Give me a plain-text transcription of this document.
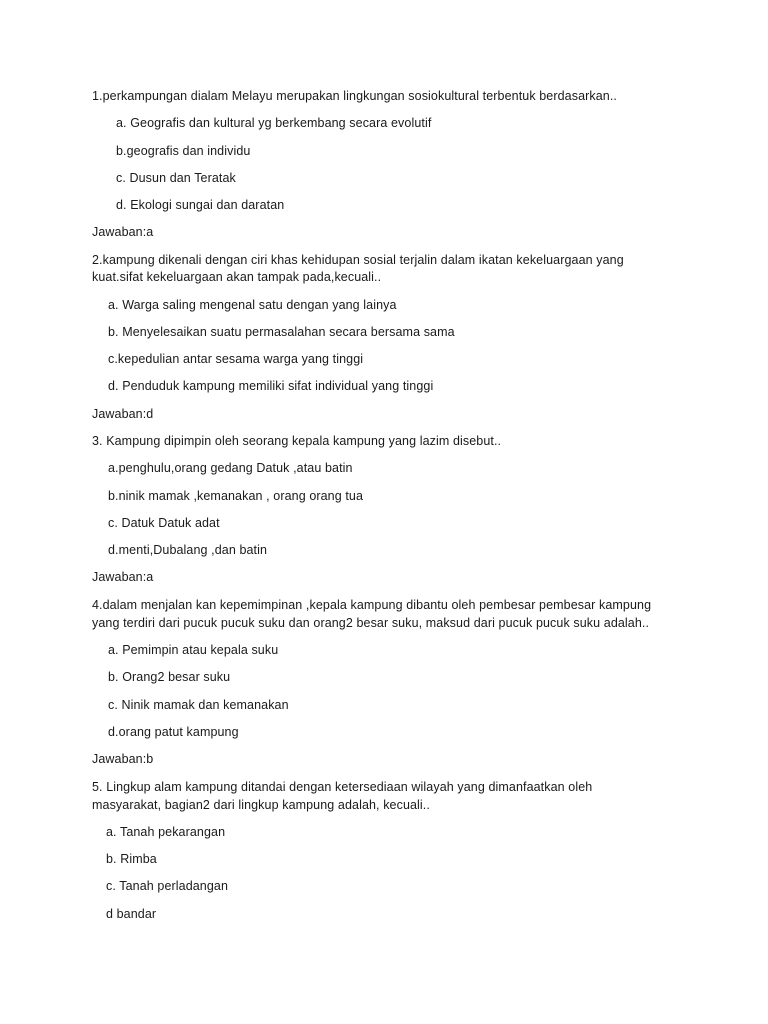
1.perkampungan dialam Melayu merupakan lingkungan sosiokultural terbentuk berdasarkan..
a. Geografis dan kultural yg berkembang secara evolutif
b.geografis dan individu
c. Dusun dan Teratak
d. Ekologi sungai dan daratan
Jawaban:a
2.kampung dikenali dengan ciri khas kehidupan sosial terjalin dalam ikatan kekeluargaan yang
kuat.sifat kekeluargaan akan tampak pada,kecuali..
a. Warga saling mengenal satu dengan yang lainya
b. Menyelesaikan suatu permasalahan secara bersama sama
c.kepedulian antar sesama warga yang tinggi
d. Penduduk kampung memiliki sifat individual yang tinggi
Jawaban:d
3. Kampung dipimpin oleh seorang kepala kampung yang lazim disebut..
a.penghulu,orang gedang Datuk ,atau batin
b.ninik mamak ,kemanakan , orang orang tua
c. Datuk Datuk adat
d.menti,Dubalang ,dan batin
Jawaban:a
4.dalam menjalan kan kepemimpinan ,kepala kampung dibantu oleh pembesar pembesar kampung
yang terdiri dari pucuk pucuk suku dan orang2 besar suku, maksud dari pucuk pucuk suku adalah..
a. Pemimpin atau kepala suku
b. Orang2 besar suku
c. Ninik mamak dan kemanakan
d.orang patut kampung
Jawaban:b
5. Lingkup alam kampung ditandai dengan ketersediaan wilayah yang dimanfaatkan oleh
masyarakat, bagian2 dari lingkup kampung adalah, kecuali..
a. Tanah pekarangan
b. Rimba
c. Tanah perladangan
d bandar
